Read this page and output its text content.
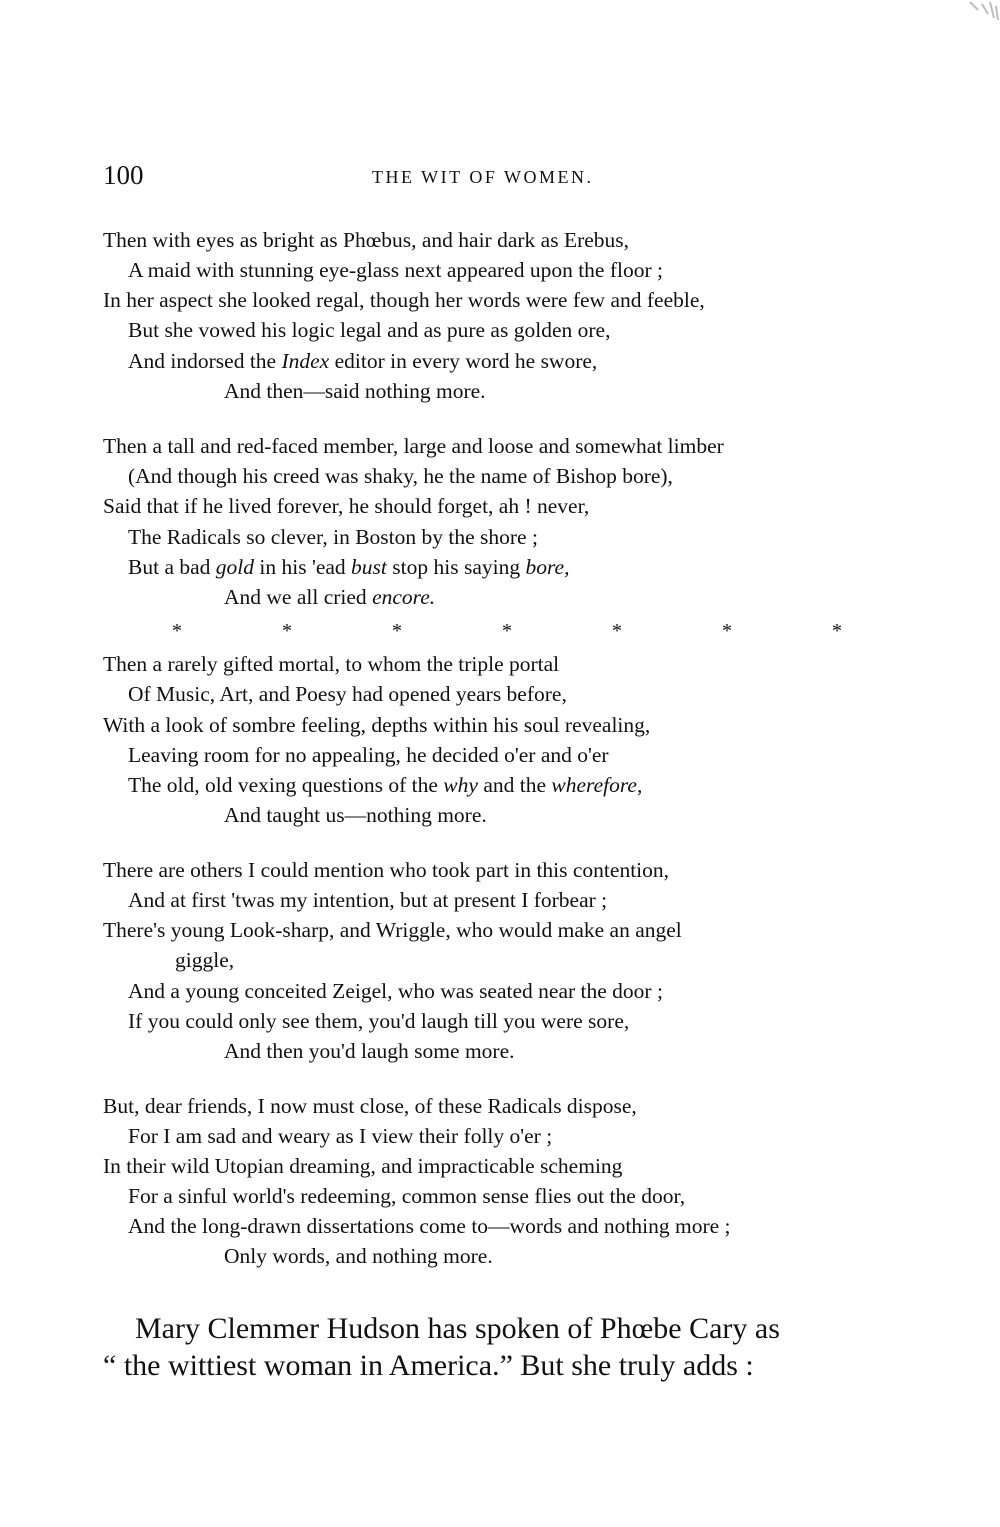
100	THE WIT OF WOMEN.
Then with eyes as bright as Phœbus, and hair dark as Erebus,
A maid with stunning eye-glass next appeared upon the floor ;
In her aspect she looked regal, though her words were few and feeble,
But she vowed his logic legal and as pure as golden ore,
And indorsed the Index editor in every word he swore,
And then—said nothing more.
Then a tall and red-faced member, large and loose and somewhat limber
(And though his creed was shaky, he the name of Bishop bore),
Said that if he lived forever, he should forget, ah ! never,
The Radicals so clever, in Boston by the shore ;
But a bad gold in his 'ead bust stop his saying bore,
And we all cried encore.
Then a rarely gifted mortal, to whom the triple portal
Of Music, Art, and Poesy had opened years before,
With a look of sombre feeling, depths within his soul revealing,
Leaving room for no appealing, he decided o'er and o'er
The old, old vexing questions of the why and the wherefore,
And taught us—nothing more.
There are others I could mention who took part in this contention,
And at first 'twas my intention, but at present I forbear ;
There's young Look-sharp, and Wriggle, who would make an angel
giggle,
And a young conceited Zeigel, who was seated near the door ;
If you could only see them, you'd laugh till you were sore,
And then you'd laugh some more.
But, dear friends, I now must close, of these Radicals dispose,
For I am sad and weary as I view their folly o'er ;
In their wild Utopian dreaming, and impracticable scheming
For a sinful world's redeeming, common sense flies out the door,
And the long-drawn dissertations come to—words and nothing more ;
Only words, and nothing more.
*	*	*	*	*	*	*
Mary Clemmer Hudson has spoken of Phœbe Cary as
“ the wittiest woman in America.” But she truly adds :
